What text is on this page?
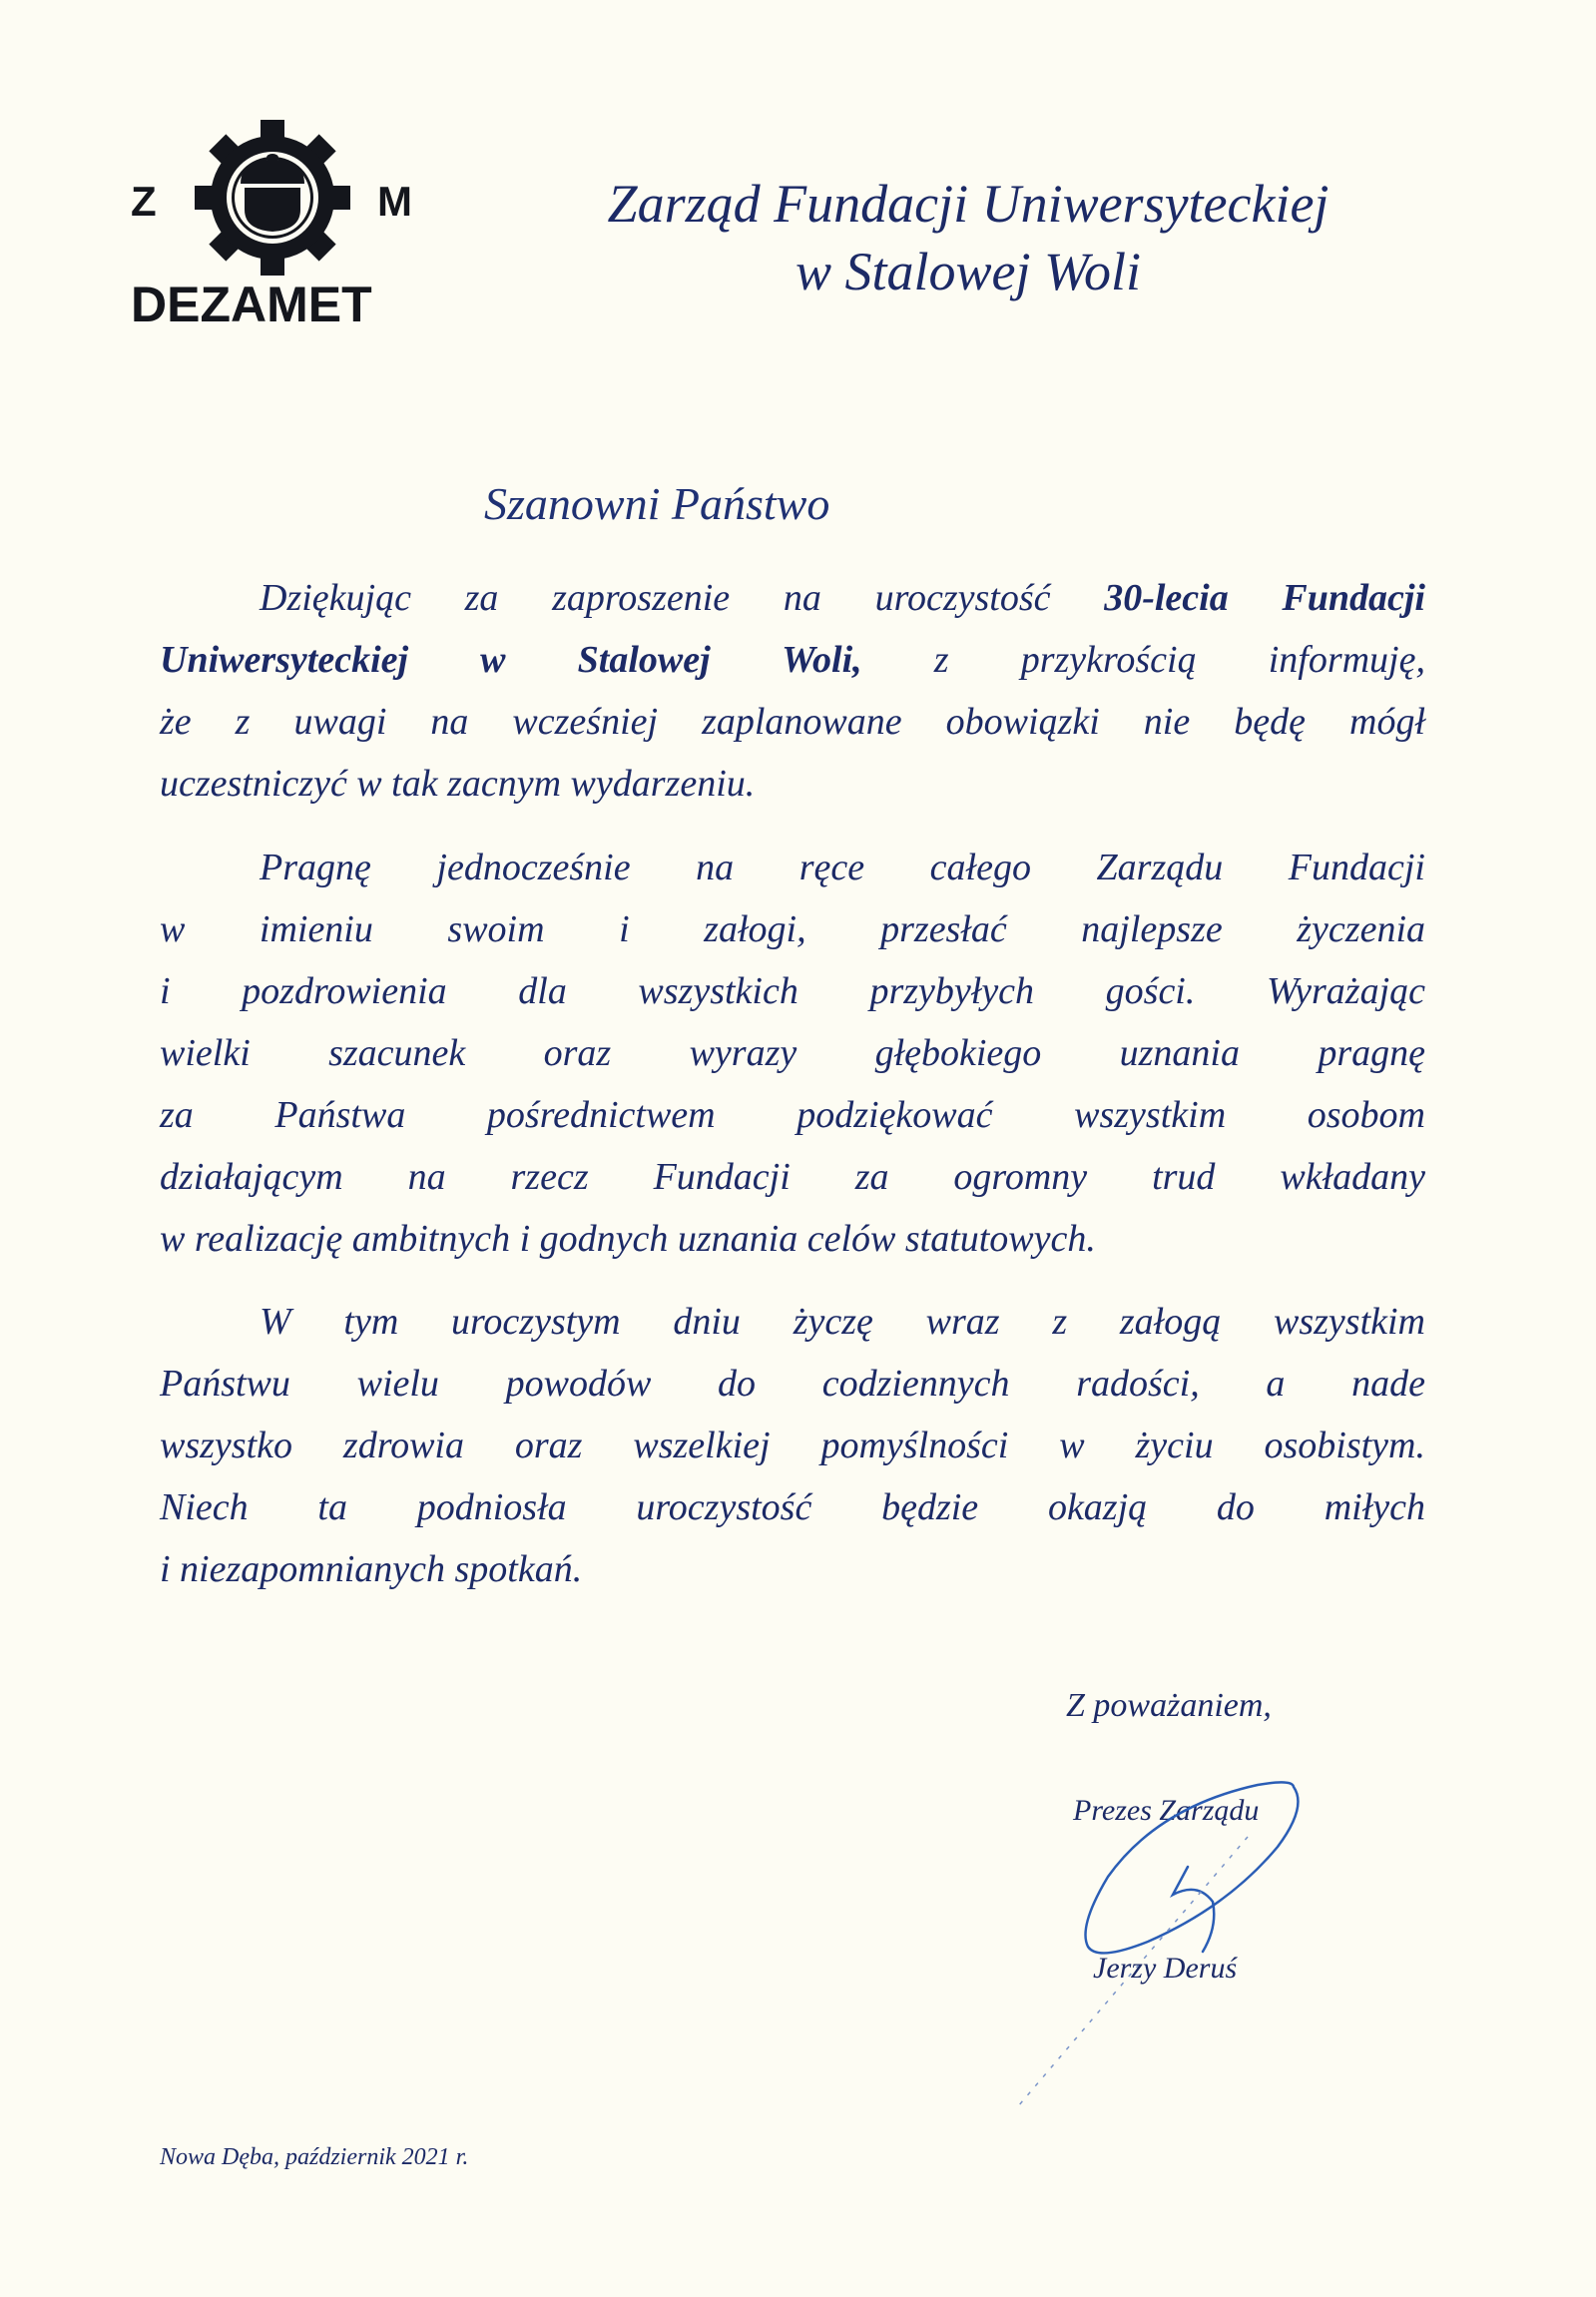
Z	M
DEZAMET
Zarząd Fundacji Uniwersyteckiej
w Stalowej Woli
Szanowni Państwo
Dziękując za zaproszenie na uroczystość 30-lecia Fundacji
Uniwersyteckiej w Stalowej Woli, z przykrością informuję,
że z uwagi na wcześniej zaplanowane obowiązki nie będę mógł
uczestniczyć w tak zacnym wydarzeniu.
Pragnę jednocześnie na ręce całego Zarządu Fundacji
w imieniu swoim i załogi, przesłać najlepsze życzenia
i pozdrowienia dla wszystkich przybyłych gości. Wyrażając
wielki szacunek oraz wyrazy głębokiego uznania pragnę
za Państwa pośrednictwem podziękować wszystkim osobom
działającym na rzecz Fundacji za ogromny trud wkładany
w realizację ambitnych i godnych uznania celów statutowych.
W tym uroczystym dniu życzę wraz z załogą wszystkim
Państwu wielu powodów do codziennych radości, a nade
wszystko zdrowia oraz wszelkiej pomyślności w życiu osobistym.
Niech ta podniosła uroczystość będzie okazją do miłych
i niezapomnianych spotkań.
Z poważaniem,
Prezes Zarządu
Jerzy Deruś
Nowa Dęba, październik 2021 r.
